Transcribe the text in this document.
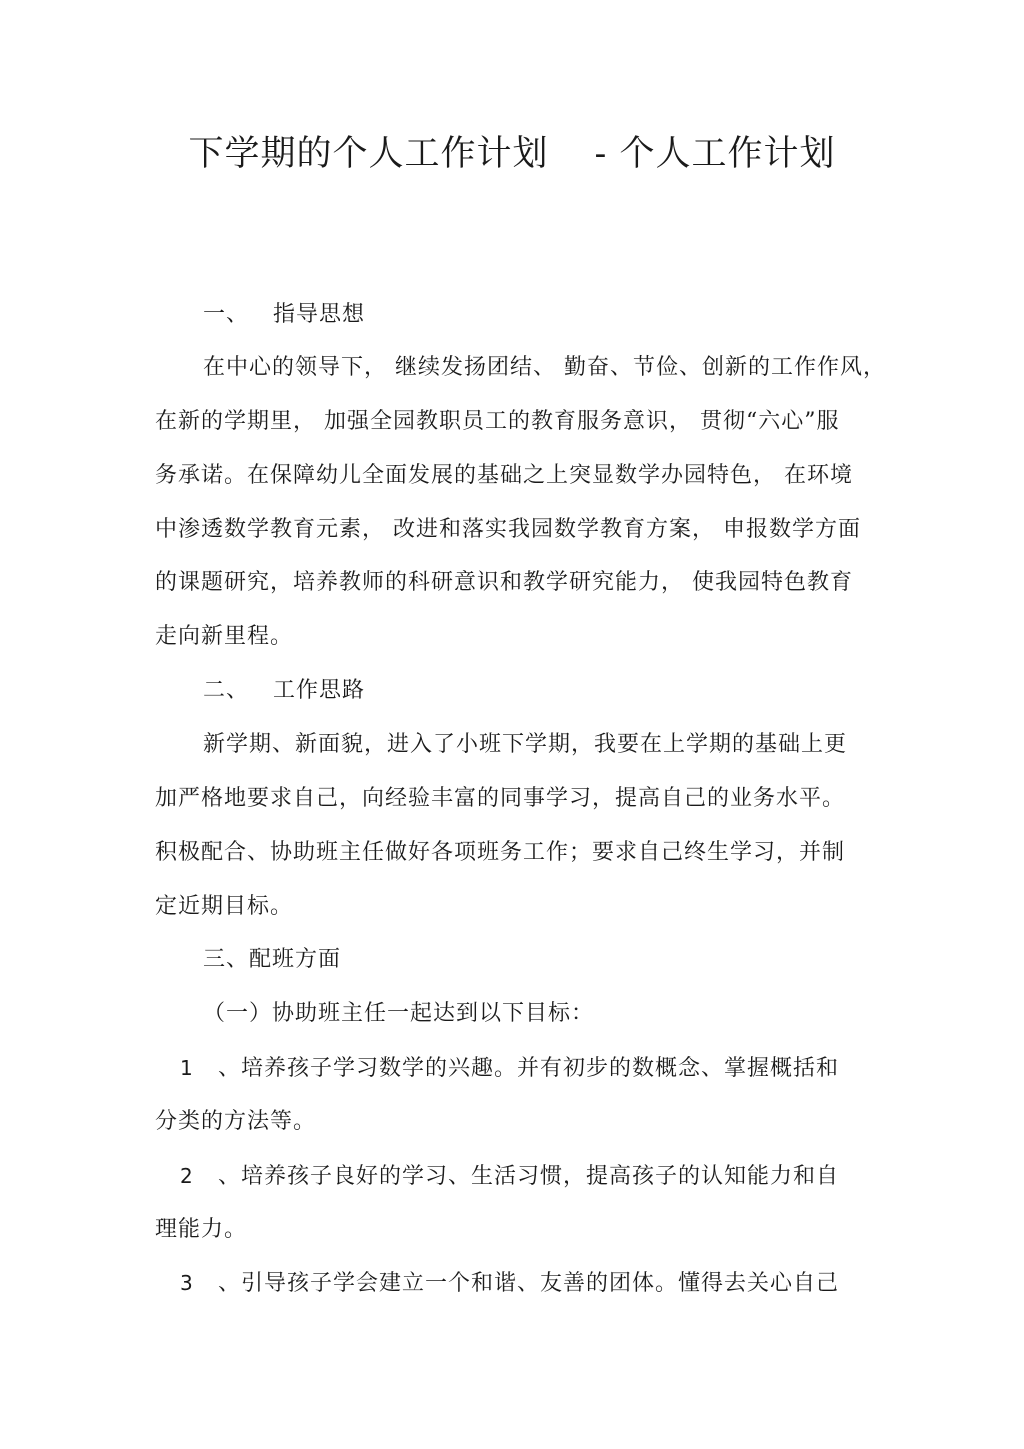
下学期的个人工作计划 - 个人工作计划
一、 指导思想
在中心的领导下， 继续发扬团结、 勤奋、节俭、创新的工作作风，
在新的学期里， 加强全园教职员工的教育服务意识， 贯彻“六心”服
务承诺。在保障幼儿全面发展的基础之上突显数学办园特色， 在环境
中渗透数学教育元素， 改进和落实我园数学教育方案， 申报数学方面
的课题研究，培养教师的科研意识和教学研究能力， 使我园特色教育
走向新里程。
二、 工作思路
新学期、新面貌，进入了小班下学期，我要在上学期的基础上更
加严格地要求自己，向经验丰富的同事学习，提高自己的业务水平。
积极配合、协助班主任做好各项班务工作；要求自己终生学习，并制
定近期目标。
三、配班方面
（一）协助班主任一起达到以下目标：
1 、培养孩子学习数学的兴趣。并有初步的数概念、掌握概括和
分类的方法等。
2 、培养孩子良好的学习、生活习惯，提高孩子的认知能力和自
理能力。
3 、引导孩子学会建立一个和谐、友善的团体。懂得去关心自己
